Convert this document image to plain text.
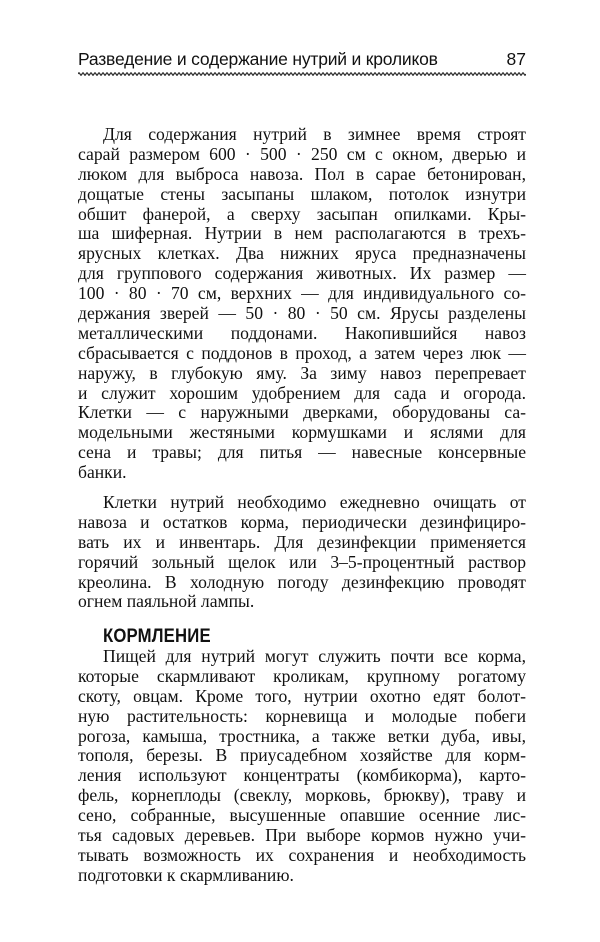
Разведение и содержание нутрий и кроликов	87
Для содержания нутрий в зимнее время строят
сарай размером 600 · 500 · 250 см с окном, дверью и
люком для выброса навоза. Пол в сарае бетонирован,
дощатые стены засыпаны шлаком, потолок изнутри
обшит фанерой, а сверху засыпан опилками. Кры-
ша шиферная. Нутрии в нем располагаются в трехъ-
ярусных клетках. Два нижних яруса предназначены
для группового содержания животных. Их размер —
100 · 80 · 70 см, верхних — для индивидуального со-
держания зверей — 50 · 80 · 50 см. Ярусы разделены
металлическими поддонами. Накопившийся навоз
сбрасывается с поддонов в проход, а затем через люк —
наружу, в глубокую яму. За зиму навоз перепревает
и служит хорошим удобрением для сада и огорода.
Клетки — с наружными дверками, оборудованы са-
модельными жестяными кормушками и яслями для
сена и травы; для питья — навесные консервные
банки.
Клетки нутрий необходимо ежедневно очищать от
навоза и остатков корма, периодически дезинфициро-
вать их и инвентарь. Для дезинфекции применяется
горячий зольный щелок или 3–5-процентный раствор
креолина. В холодную погоду дезинфекцию проводят
огнем паяльной лампы.
КОРМЛЕНИЕ
Пищей для нутрий могут служить почти все корма,
которые скармливают кроликам, крупному рогатому
скоту, овцам. Кроме того, нутрии охотно едят болот-
ную растительность: корневища и молодые побеги
рогоза, камыша, тростника, а также ветки дуба, ивы,
тополя, березы. В приусадебном хозяйстве для корм-
ления используют концентраты (комбикорма), карто-
фель, корнеплоды (свеклу, морковь, брюкву), траву и
сено, собранные, высушенные опавшие осенние лис-
тья садовых деревьев. При выборе кормов нужно учи-
тывать возможность их сохранения и необходимость
подготовки к скармливанию.
